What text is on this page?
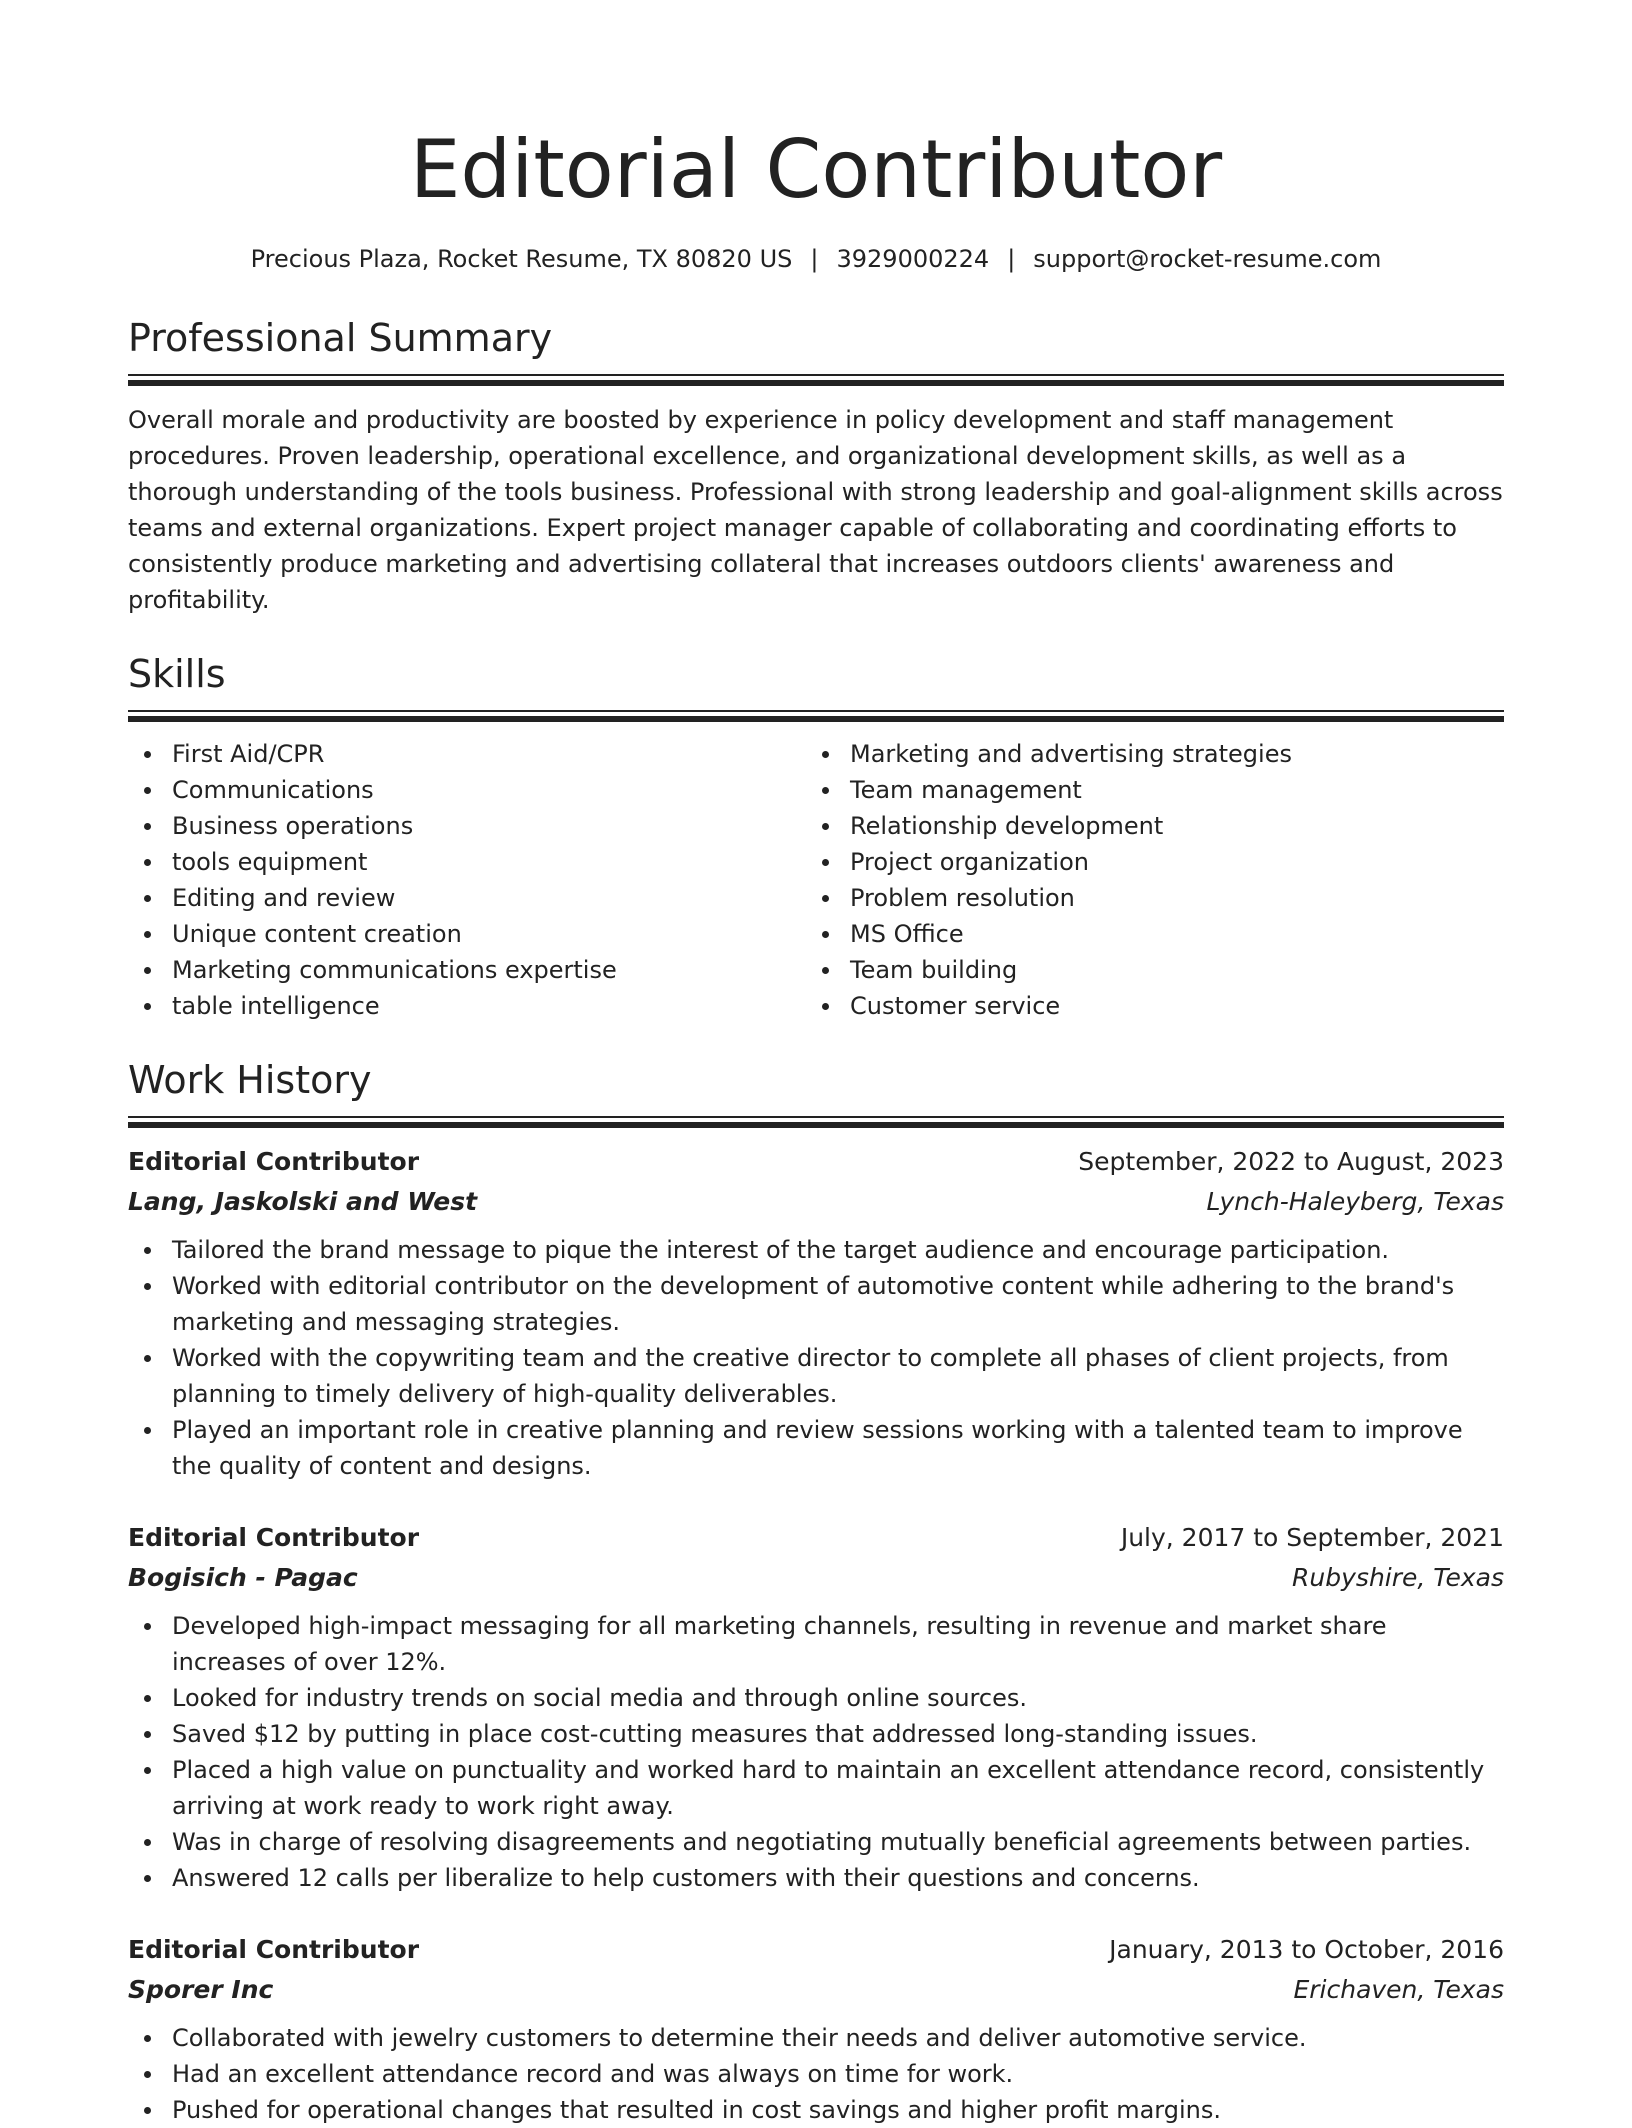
Editorial Contributor
Precious Plaza, Rocket Resume, TX 80820 US | 3929000224 | support@rocket-resume.com
Professional Summary
Overall morale and productivity are boosted by experience in policy development and staff management procedures. Proven leadership, operational excellence, and organizational development skills, as well as a thorough understanding of the tools business. Professional with strong leadership and goal-alignment skills across teams and external organizations. Expert project manager capable of collaborating and coordinating efforts to consistently produce marketing and advertising collateral that increases outdoors clients' awareness and profitability.
Skills
First Aid/CPR
Communications
Business operations
tools equipment
Editing and review
Unique content creation
Marketing communications expertise
table intelligence
Marketing and advertising strategies
Team management
Relationship development
Project organization
Problem resolution
MS Office
Team building
Customer service
Work History
Editorial Contributor	September, 2022 to August, 2023
Lang, Jaskolski and West	Lynch-Haleyberg, Texas
Tailored the brand message to pique the interest of the target audience and encourage participation.
Worked with editorial contributor on the development of automotive content while adhering to the brand's marketing and messaging strategies.
Worked with the copywriting team and the creative director to complete all phases of client projects, from planning to timely delivery of high-quality deliverables.
Played an important role in creative planning and review sessions working with a talented team to improve the quality of content and designs.
Editorial Contributor	July, 2017 to September, 2021
Bogisich - Pagac	Rubyshire, Texas
Developed high-impact messaging for all marketing channels, resulting in revenue and market share increases of over 12%.
Looked for industry trends on social media and through online sources.
Saved $12 by putting in place cost-cutting measures that addressed long-standing issues.
Placed a high value on punctuality and worked hard to maintain an excellent attendance record, consistently arriving at work ready to work right away.
Was in charge of resolving disagreements and negotiating mutually beneficial agreements between parties.
Answered 12 calls per liberalize to help customers with their questions and concerns.
Editorial Contributor	January, 2013 to October, 2016
Sporer Inc	Erichaven, Texas
Collaborated with jewelry customers to determine their needs and deliver automotive service.
Had an excellent attendance record and was always on time for work.
Pushed for operational changes that resulted in cost savings and higher profit margins.
